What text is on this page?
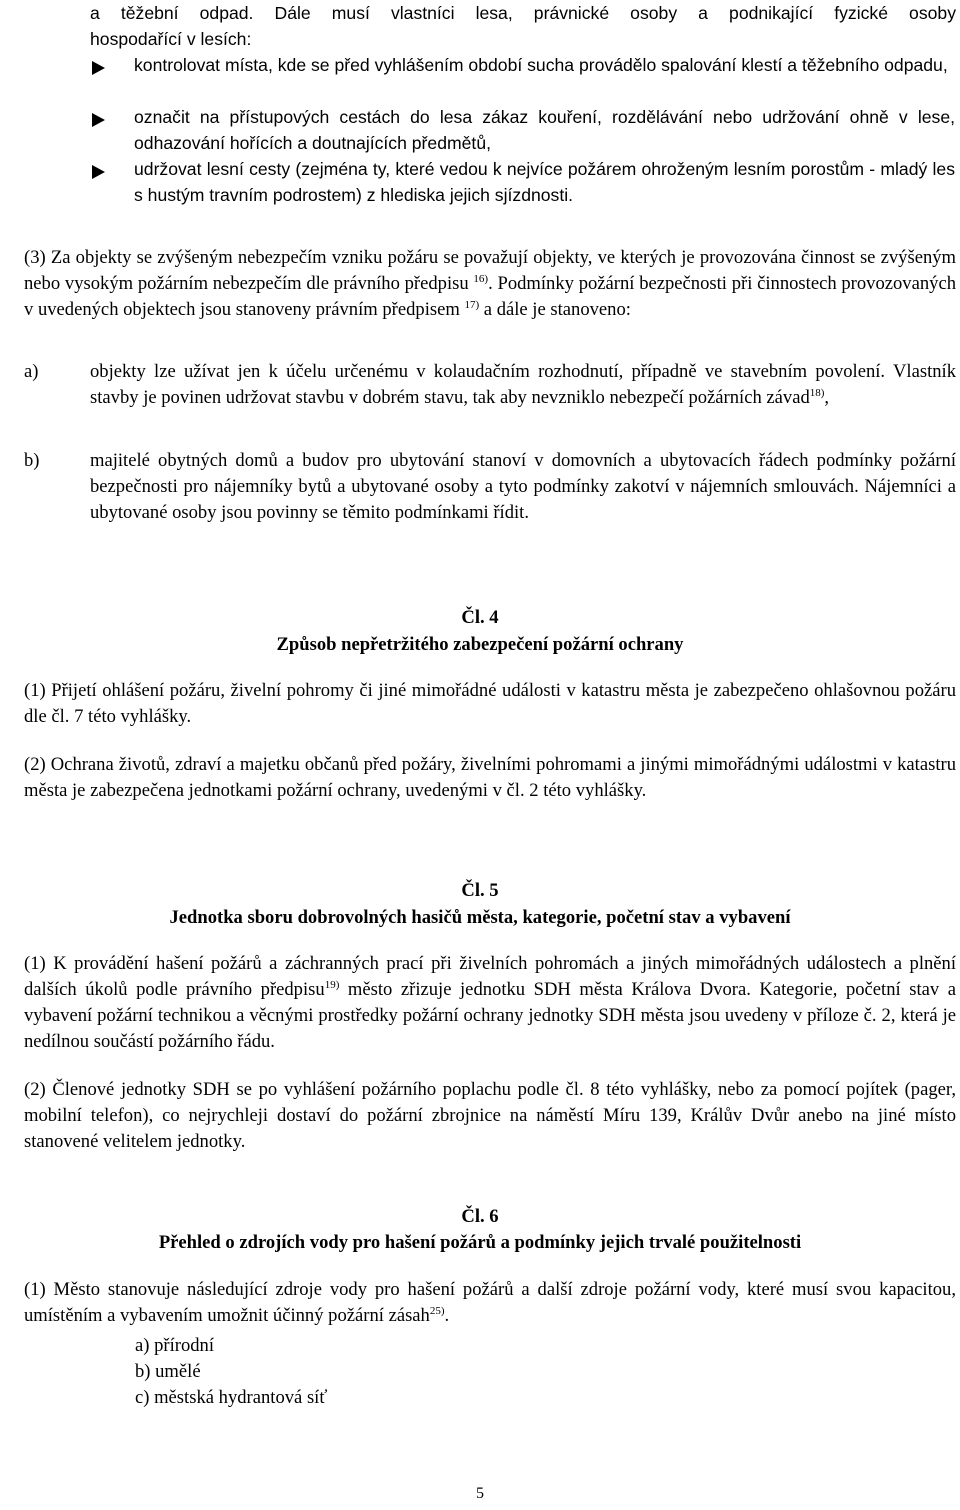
a těžební odpad. Dále musí vlastníci lesa, právnické osoby a podnikající fyzické osoby
hospodařící v lesích:
kontrolovat místa, kde se před vyhlášením období sucha provádělo spalování klestí a těžebního odpadu,
označit na přístupových cestách do lesa zákaz kouření, rozdělávání nebo udržování ohně v lese, odhazování hořících a doutnajících předmětů,
udržovat lesní cesty (zejména ty, které vedou k nejvíce požárem ohroženým lesním porostům - mladý les s hustým travním podrostem) z hlediska jejich sjízdnosti.
(3) Za objekty se zvýšeným nebezpečím vzniku požáru se považují objekty, ve kterých je provozována činnost se zvýšeným nebo vysokým požárním nebezpečím dle právního předpisu $^{16)}$. Podmínky požární bezpečnosti při činnostech provozovaných v uvedených objektech jsou stanoveny právním předpisem $^{17)}$ a dále je stanoveno:
a)	objekty lze užívat jen k účelu určenému v kolaudačním rozhodnutí, případně ve stavebním povolení. Vlastník stavby je povinen udržovat stavbu v dobrém stavu, tak aby nevzniklo nebezpečí požárních závad$^{18)}$,
b)	majitelé obytných domů a budov pro ubytování stanoví v domovních a ubytovacích řádech podmínky požární bezpečnosti pro nájemníky bytů a ubytované osoby a tyto podmínky zakotví v nájemních smlouvách. Nájemníci a ubytované osoby jsou povinny se těmito podmínkami řídit.
Čl. 4
Způsob nepřetržitého zabezpečení požární ochrany
(1) Přijetí ohlášení požáru, živelní pohromy či jiné mimořádné události v katastru města je zabezpečeno ohlašovnou požáru dle čl. 7 této vyhlášky.
(2) Ochrana životů, zdraví a majetku občanů před požáry, živelními pohromami a jinými mimořádnými událostmi v katastru města je zabezpečena jednotkami požární ochrany, uvedenými v čl. 2 této vyhlášky.
Čl. 5
Jednotka sboru dobrovolných hasičů města, kategorie, početní stav a vybavení
(1) K provádění hašení požárů a záchranných prací při živelních pohromách a jiných mimořádných událostech a plnění dalších úkolů podle právního předpisu$^{19)}$ město zřizuje jednotku SDH města Králova Dvora. Kategorie, početní stav a vybavení požární technikou a věcnými prostředky požární ochrany jednotky SDH města jsou uvedeny v příloze č. 2, která je nedílnou součástí požárního řádu.
(2) Členové jednotky SDH se po vyhlášení požárního poplachu podle čl. 8 této vyhlášky, nebo za pomocí pojítek (pager, mobilní telefon), co nejrychleji dostaví do požární zbrojnice na náměstí Míru 139, Králův Dvůr anebo na jiné místo stanovené velitelem jednotky.
Čl. 6
Přehled o zdrojích vody pro hašení požárů a podmínky jejich trvalé použitelnosti
(1) Město stanovuje následující zdroje vody pro hašení požárů a další zdroje požární vody, které musí svou kapacitou, umístěním a vybavením umožnit účinný požární zásah$^{25)}$.
a) přírodní
b) umělé
c) městská hydrantová síť
5
